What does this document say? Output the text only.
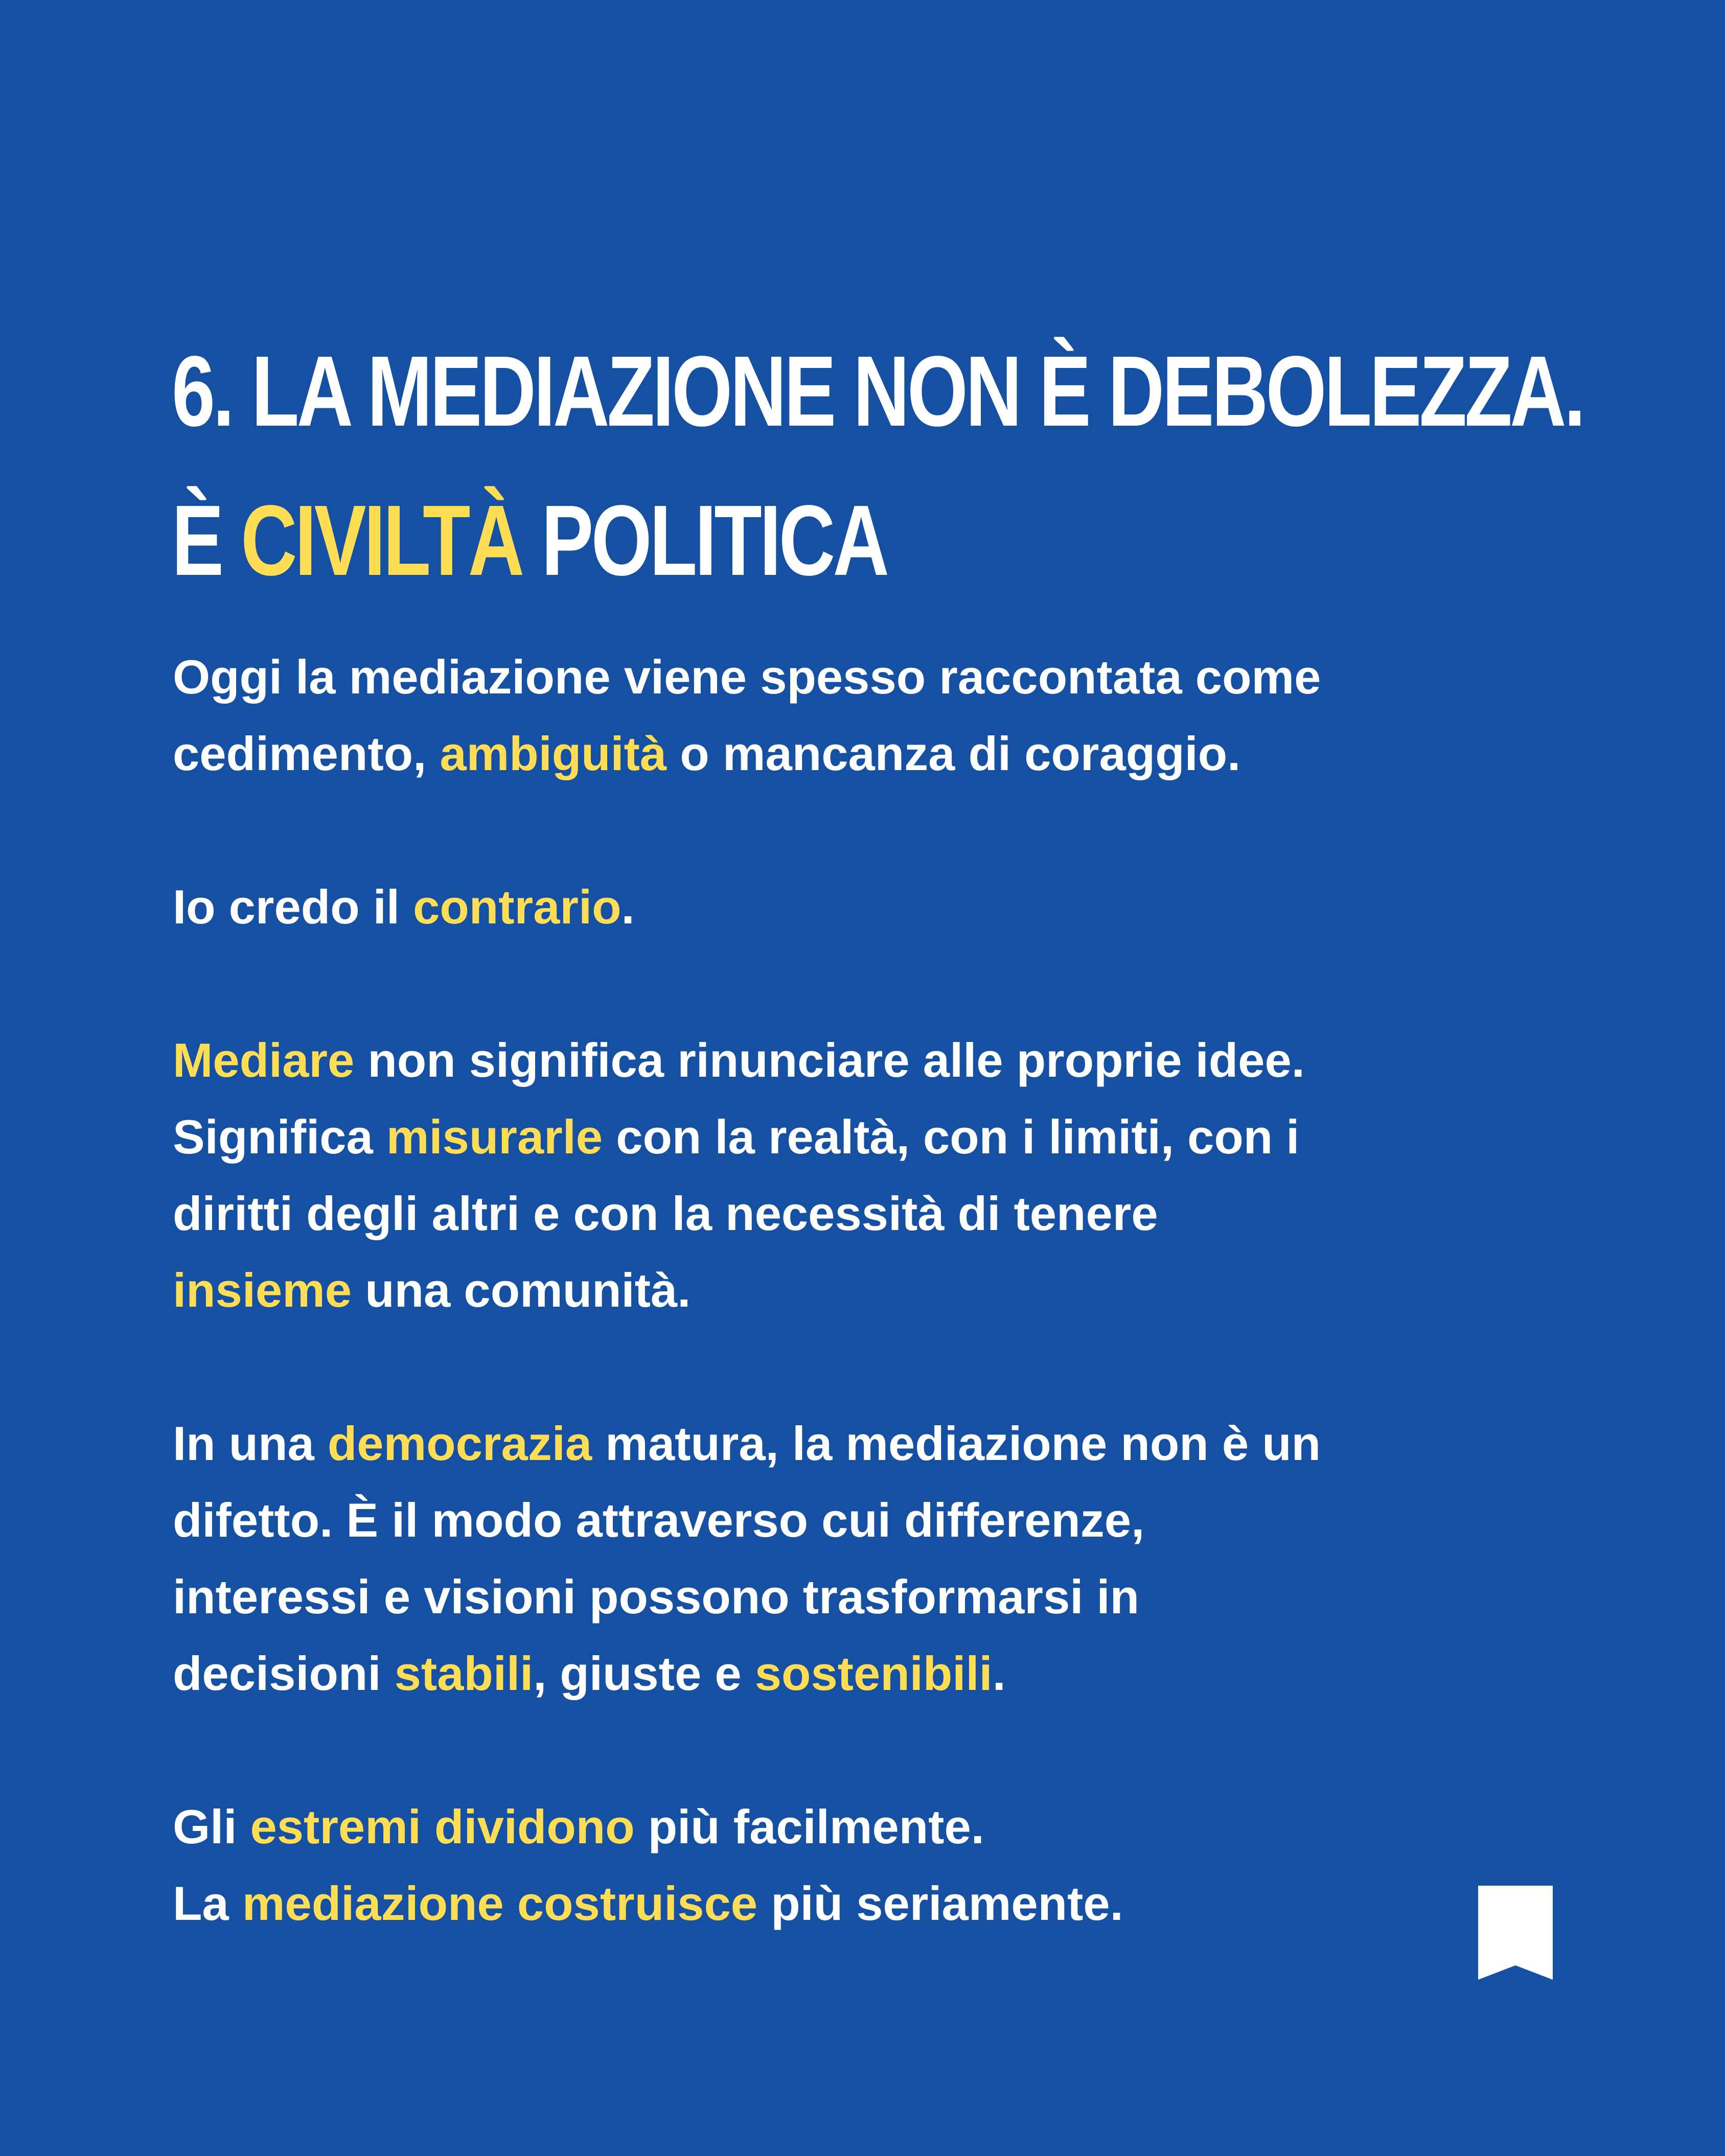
6. LA MEDIAZIONE NON È DEBOLEZZA.
È CIVILTÀ POLITICA

Oggi la mediazione viene spesso raccontata come
cedimento, ambiguità o mancanza di coraggio.

Io credo il contrario.

Mediare non significa rinunciare alle proprie idee.
Significa misurarle con la realtà, con i limiti, con i
diritti degli altri e con la necessità di tenere
insieme una comunità.

In una democrazia matura, la mediazione non è un
difetto. È il modo attraverso cui differenze,
interessi e visioni possono trasformarsi in
decisioni stabili, giuste e sostenibili.

Gli estremi dividono più facilmente.
La mediazione costruisce più seriamente.
